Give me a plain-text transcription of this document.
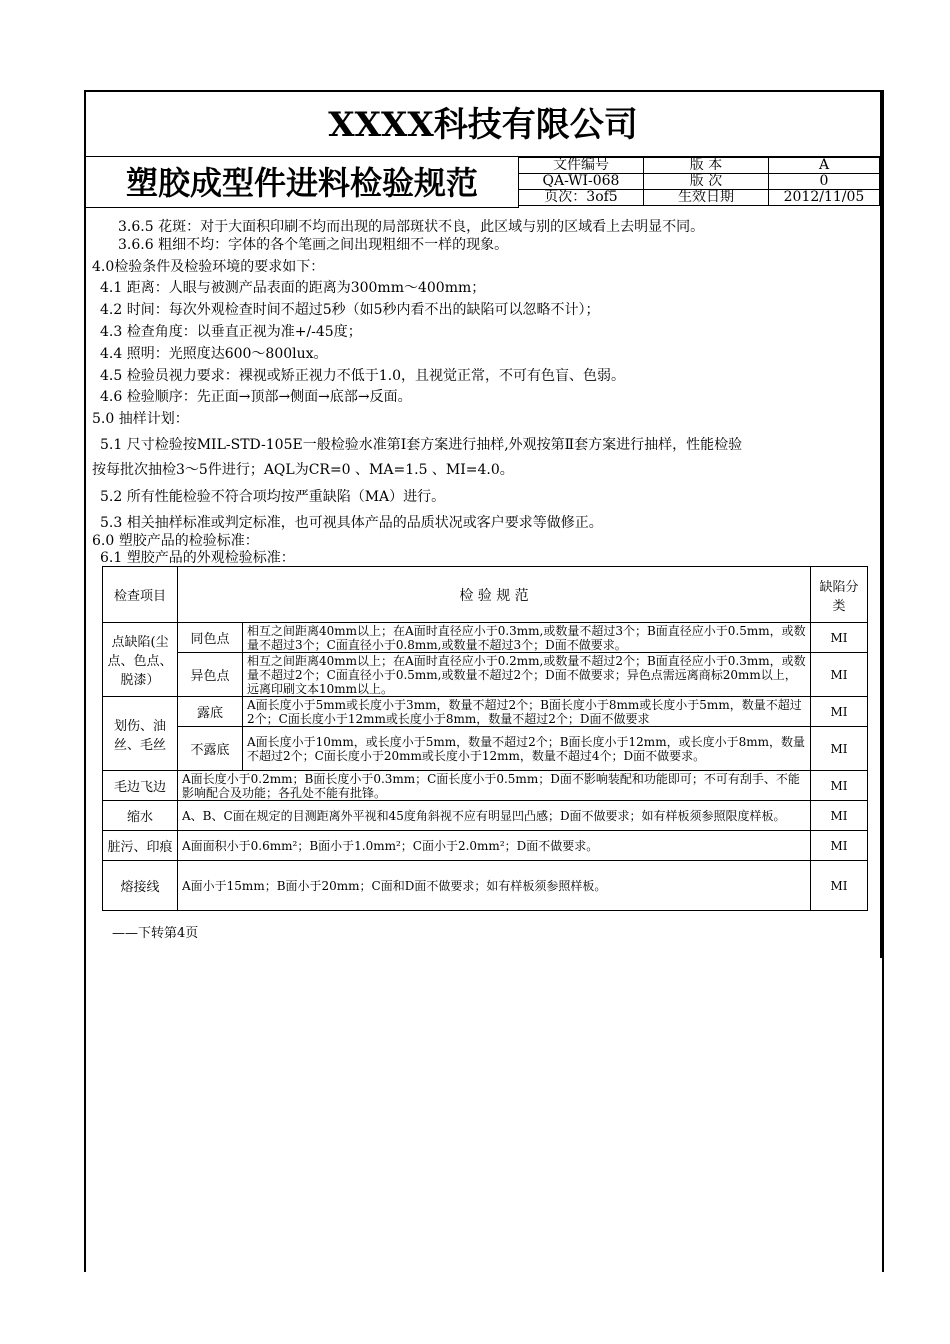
XXXX科技有限公司
塑胶成型件进料检验规范	文件编号	版 本	A
QA-WI-068	版 次	0
页次：3of5	生效日期	2012/11/05
3.6.5 花斑：对于大面积印刷不均而出现的局部斑状不良，此区域与别的区域看上去明显不同。
3.6.6 粗细不均：字体的各个笔画之间出现粗细不一样的现象。
4.0检验条件及检验环境的要求如下：
4.1 距离：人眼与被测产品表面的距离为300mm～400mm；
4.2 时间：每次外观检查时间不超过5秒（如5秒内看不出的缺陷可以忽略不计）；
4.3 检查角度：以垂直正视为准+/-45度；
4.4 照明：光照度达600～800lux。
4.5 检验员视力要求：裸视或矫正视力不低于1.0，且视觉正常，不可有色盲、色弱。
4.6 检验顺序：先正面→顶部→侧面→底部→反面。
5.0 抽样计划：
5.1 尺寸检验按MIL-STD-105E一般检验水准第Ⅰ套方案进行抽样,外观按第Ⅱ套方案进行抽样，性能检验
按每批次抽检3～5件进行；AQL为CR=0 、MA=1.5 、MI=4.0。
5.2 所有性能检验不符合项均按严重缺陷（MA）进行。
5.3 相关抽样标准或判定标准，也可视具体产品的品质状况或客户要求等做修正。
6.0 塑胶产品的检验标准：
6.1 塑胶产品的外观检验标准：
检查项目	检 验 规 范		缺陷分类
点缺陷(尘点、色点、脱漆）	同色点	相互之间距离40mm以上；在A面时直径应小于0.3mm,或数量不超过3个；B面直径应小于0.5mm，或数量不超过3个；C面直径小于0.8mm,或数量不超过3个；D面不做要求。	MI
	异色点	相互之间距离40mm以上；在A面时直径应小于0.2mm,或数量不超过2个；B面直径应小于0.3mm，或数量不超过2个；C面直径小于0.5mm,或数量不超过2个；D面不做要求；异色点需远离商标20mm以上，远离印刷文本10mm以上。	MI
划伤、油丝、毛丝	露底	A面长度小于5mm或长度小于3mm，数量不超过2个；B面长度小于8mm或长度小于5mm，数量不超过2个；C面长度小于12mm或长度小于8mm，数量不超过2个；D面不做要求	MI
	不露底	A面长度小于10mm，或长度小于5mm，数量不超过2个；B面长度小于12mm，或长度小于8mm，数量不超过2个；C面长度小于20mm或长度小于12mm，数量不超过4个；D面不做要求。	MI
毛边飞边	A面长度小于0.2mm；B面长度小于0.3mm；C面长度小于0.5mm；D面不影响装配和功能即可；不可有刮手、不能影响配合及功能；各孔处不能有批锋。		MI
缩水	A、B、C面在规定的目测距离外平视和45度角斜视不应有明显凹凸感；D面不做要求；如有样板须参照限度样板。		MI
脏污、印痕	A面面积小于0.6mm²；B面小于1.0mm²；C面小于2.0mm²；D面不做要求。		MI
熔接线	A面小于15mm；B面小于20mm；C面和D面不做要求；如有样板须参照样板。		MI
——下转第4页
